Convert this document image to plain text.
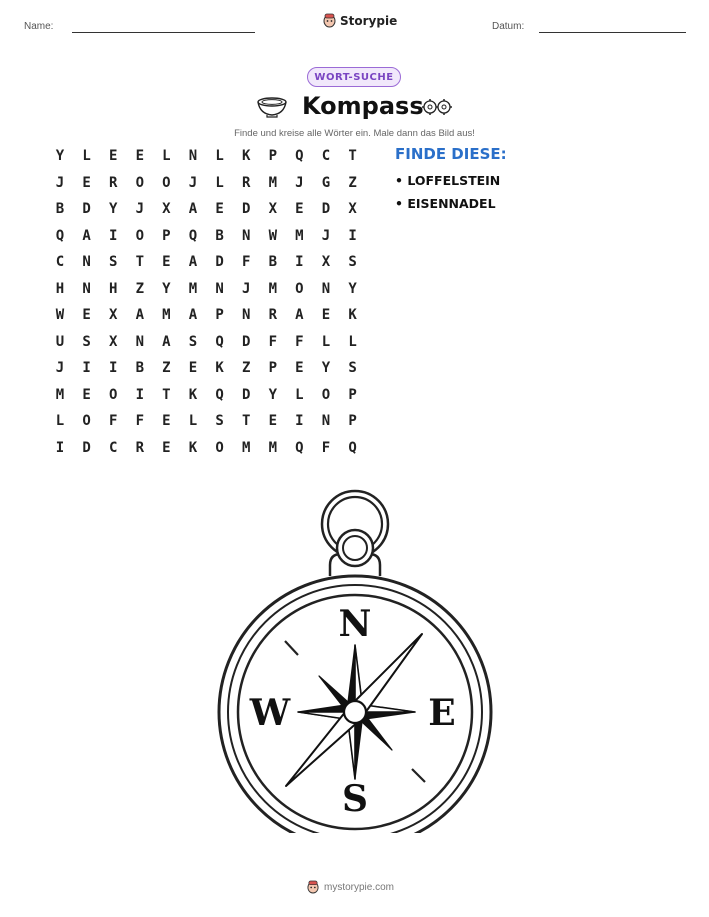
Name:	Storypie	Datum:
WORT-SUCHE
Kompass
Finde und kreise alle Wörter ein. Male dann das Bild aus!
Y L E E L N L K P Q C T
J E R O O J L R M J G Z
B D Y J X A E D X E D X
Q A I O P Q B N W M J I
C N S T E A D F B I X S
H N H Z Y M N J M O N Y
W E X A M A P N R A E K
U S X N A S Q D F F L L
J I I B Z E K Z P E Y S
M E O I T K Q D Y L O P
L O F F E L S T E I N P
I D C R E K O M M Q F Q
FINDE DIESE:
• LOFFELSTEIN
• EISENNADEL
N
S
W	E
mystorypie.com
